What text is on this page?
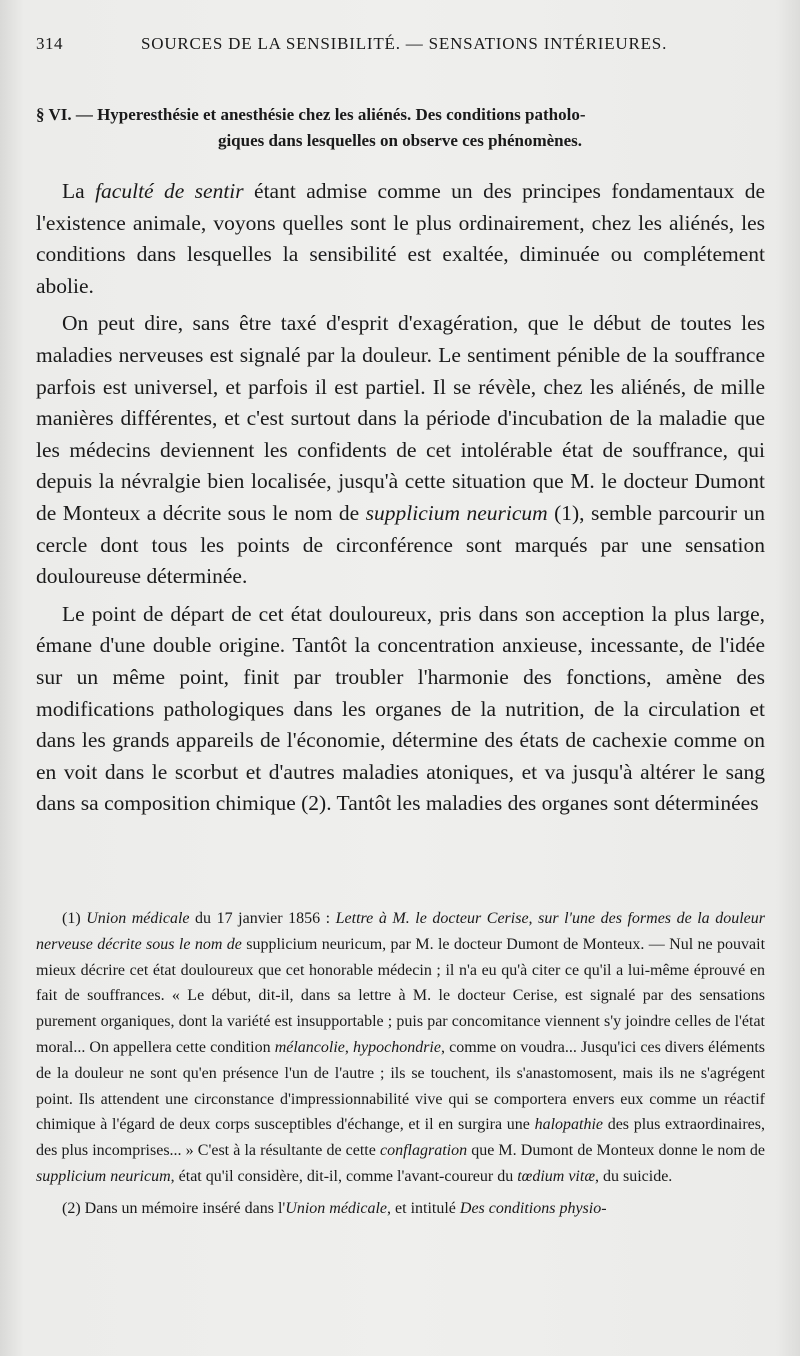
314	SOURCES DE LA SENSIBILITÉ. — SENSATIONS INTÉRIEURES.
§ VI. — Hyperesthésie et anesthésie chez les aliénés. Des conditions patholo-
giques dans lesquelles on observe ces phénomènes.

La faculté de sentir étant admise comme un des principes fondamentaux de l'existence animale, voyons quelles sont le plus ordinairement, chez les aliénés, les conditions dans lesquelles la sensibilité est exaltée, diminuée ou complétement abolie.

On peut dire, sans être taxé d'esprit d'exagération, que le début de toutes les maladies nerveuses est signalé par la douleur. Le sentiment pénible de la souffrance parfois est universel, et parfois il est partiel. Il se révèle, chez les aliénés, de mille manières différentes, et c'est surtout dans la période d'incubation de la maladie que les médecins deviennent les confidents de cet intolérable état de souffrance, qui depuis la névralgie bien localisée, jusqu'à cette situation que M. le docteur Dumont de Monteux a décrite sous le nom de supplicium neuricum (1), semble parcourir un cercle dont tous les points de circonférence sont marqués par une sensation douloureuse déterminée.

Le point de départ de cet état douloureux, pris dans son acception la plus large, émane d'une double origine. Tantôt la concentration anxieuse, incessante, de l'idée sur un même point, finit par troubler l'harmonie des fonctions, amène des modifications pathologiques dans les organes de la nutrition, de la circulation et dans les grands appareils de l'économie, détermine des états de cachexie comme on en voit dans le scorbut et d'autres maladies atoniques, et va jusqu'à altérer le sang dans sa composition chimique (2). Tantôt les maladies des organes sont déterminées

(1) Union médicale du 17 janvier 1856 : Lettre à M. le docteur Cerise, sur l'une des formes de la douleur nerveuse décrite sous le nom de supplicium neuricum, par M. le docteur Dumont de Monteux. — Nul ne pouvait mieux décrire cet état douloureux que cet honorable médecin ; il n'a eu qu'à citer ce qu'il a lui-même éprouvé en fait de souffrances. « Le début, dit-il, dans sa lettre à M. le docteur Cerise, est signalé par des sensations purement organiques, dont la variété est insupportable ; puis par concomitance viennent s'y joindre celles de l'état moral... On appellera cette condition mélancolie, hypochondrie, comme on voudra... Jusqu'ici ces divers éléments de la douleur ne sont qu'en présence l'un de l'autre ; ils se touchent, ils s'anastomosent, mais ils ne s'agrégent point. Ils attendent une circonstance d'impressionnabilité vive qui se comportera envers eux comme un réactif chimique à l'égard de deux corps susceptibles d'échange, et il en surgira une halopathie des plus extraordinaires, des plus incomprises... » C'est à la résultante de cette conflagration que M. Dumont de Monteux donne le nom de supplicium neuricum, état qu'il considère, dit-il, comme l'avant-coureur du tœdium vitæ, du suicide.

(2) Dans un mémoire inséré dans l'Union médicale, et intitulé Des conditions physio-
